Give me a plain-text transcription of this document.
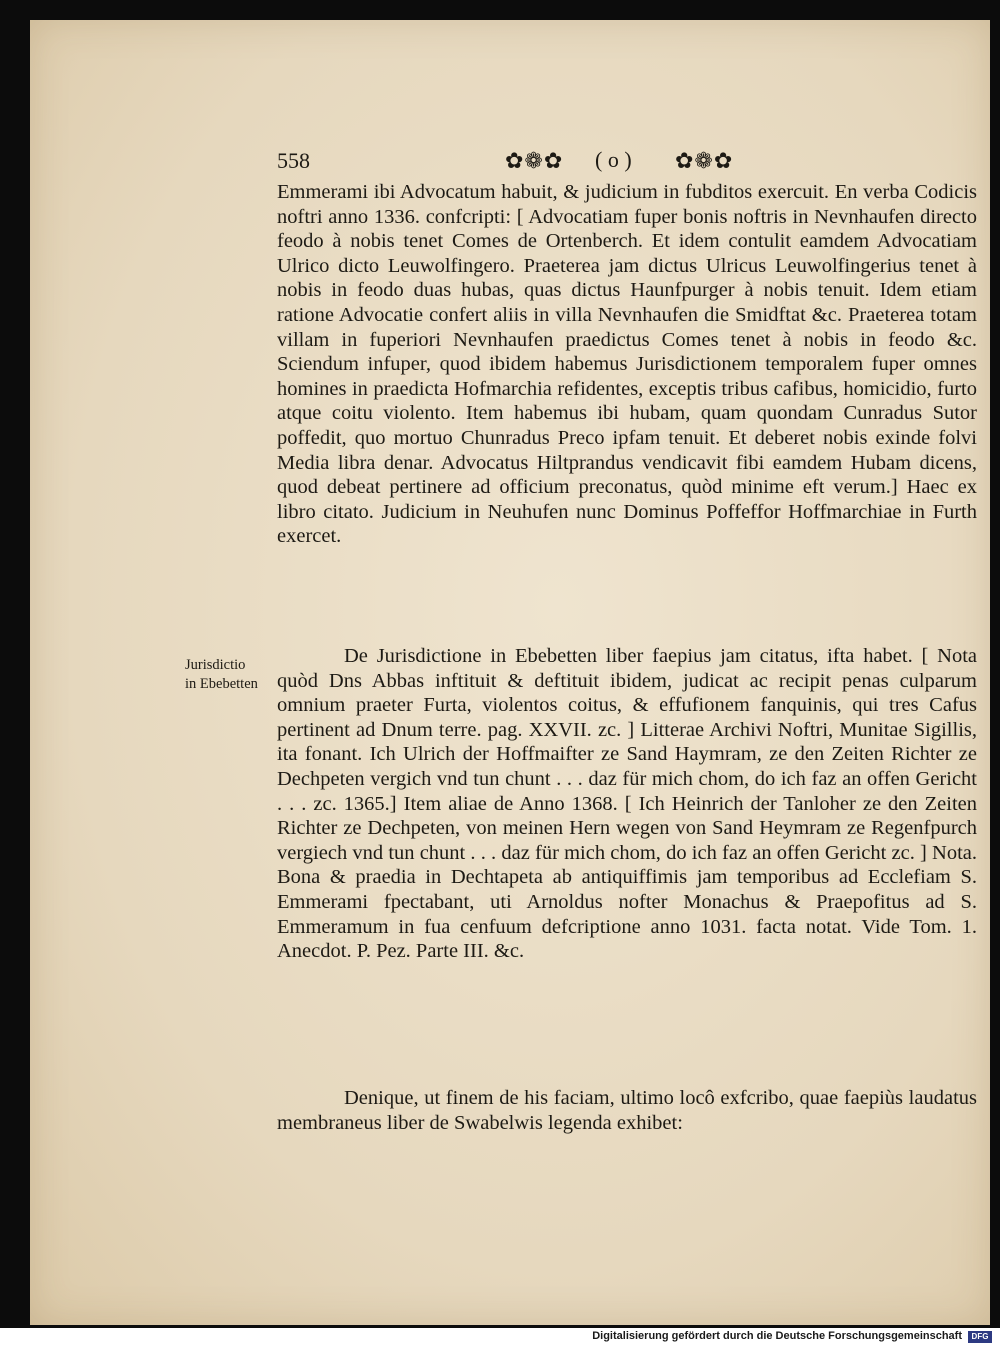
558	✿❁✿ ( o ) ✿❁✿

Emmerami ibi Advocatum habuit, & judicium in fubditos exercuit. En verba Codicis noftri anno 1336. confcripti: [ Advocatiam fuper bonis noftris in Nevnhaufen directo feodo à nobis tenet Comes de Ortenberch. Et idem contulit eamdem Advocatiam Ulrico dicto Leuwolfingero. Praeterea jam dictus Ulricus Leuwolfingerius tenet à nobis in feodo duas hubas, quas dictus Haunfpurger à nobis tenuit. Idem etiam ratione Advocatie confert aliis in villa Nevnhaufen die Smidftat &c. Praeterea totam villam in fuperiori Nevnhaufen praedictus Comes tenet à nobis in feodo &c. Sciendum infuper, quod ibidem habemus Jurisdictionem temporalem fuper omnes homines in praedicta Hofmarchia refidentes, exceptis tribus cafibus, homicidio, furto atque coitu violento. Item habemus ibi hubam, quam quondam Cunradus Sutor poffedit, quo mortuo Chunradus Preco ipfam tenuit. Et deberet nobis exinde folvi Media libra denar. Advocatus Hiltprandus vendicavit fibi eamdem Hubam dicens, quod debeat pertinere ad officium preconatus, quòd minime eft verum.] Haec ex libro citato. Judicium in Neuhufen nunc Dominus Poffeffor Hoffmarchiae in Furth exercet.

Jurisdictio
in Ebebetten

De Jurisdictione in Ebebetten liber faepius jam citatus, ifta habet. [ Nota quòd Dns Abbas inftituit & deftituit ibidem, judicat ac recipit penas culparum omnium praeter Furta, violentos coitus, & effufionem fanquinis, qui tres Cafus pertinent ad Dnum terre. pag. XXVII. zc. ] Litterae Archivi Noftri, Munitae Sigillis, ita fonant. Ich Ulrich der Hoffmaifter ze Sand Haymram, ze den Zeiten Richter ze Dechpeten vergich vnd tun chunt . . . daz für mich chom, do ich faz an offen Gericht . . . zc. 1365.] Item aliae de Anno 1368. [ Ich Heinrich der Tanloher ze den Zeiten Richter ze Dechpeten, von meinen Hern wegen von Sand Heymram ze Regenfpurch vergiech vnd tun chunt . . . daz für mich chom, do ich faz an offen Gericht zc. ] Nota. Bona & praedia in Dechtapeta ab antiquiffimis jam temporibus ad Ecclefiam S. Emmerami fpectabant, uti Arnoldus nofter Monachus & Praepofitus ad S. Emmeramum in fua cenfuum defcriptione anno 1031. facta notat. Vide Tom. 1. Anecdot. P. Pez. Parte III. &c.

Denique, ut finem de his faciam, ultimo locô exfcribo, quae faepiùs laudatus membraneus liber de Swabelwis legenda exhibet:

Digitalisierung gefördert durch die Deutsche Forschungsgemeinschaft	DFG
